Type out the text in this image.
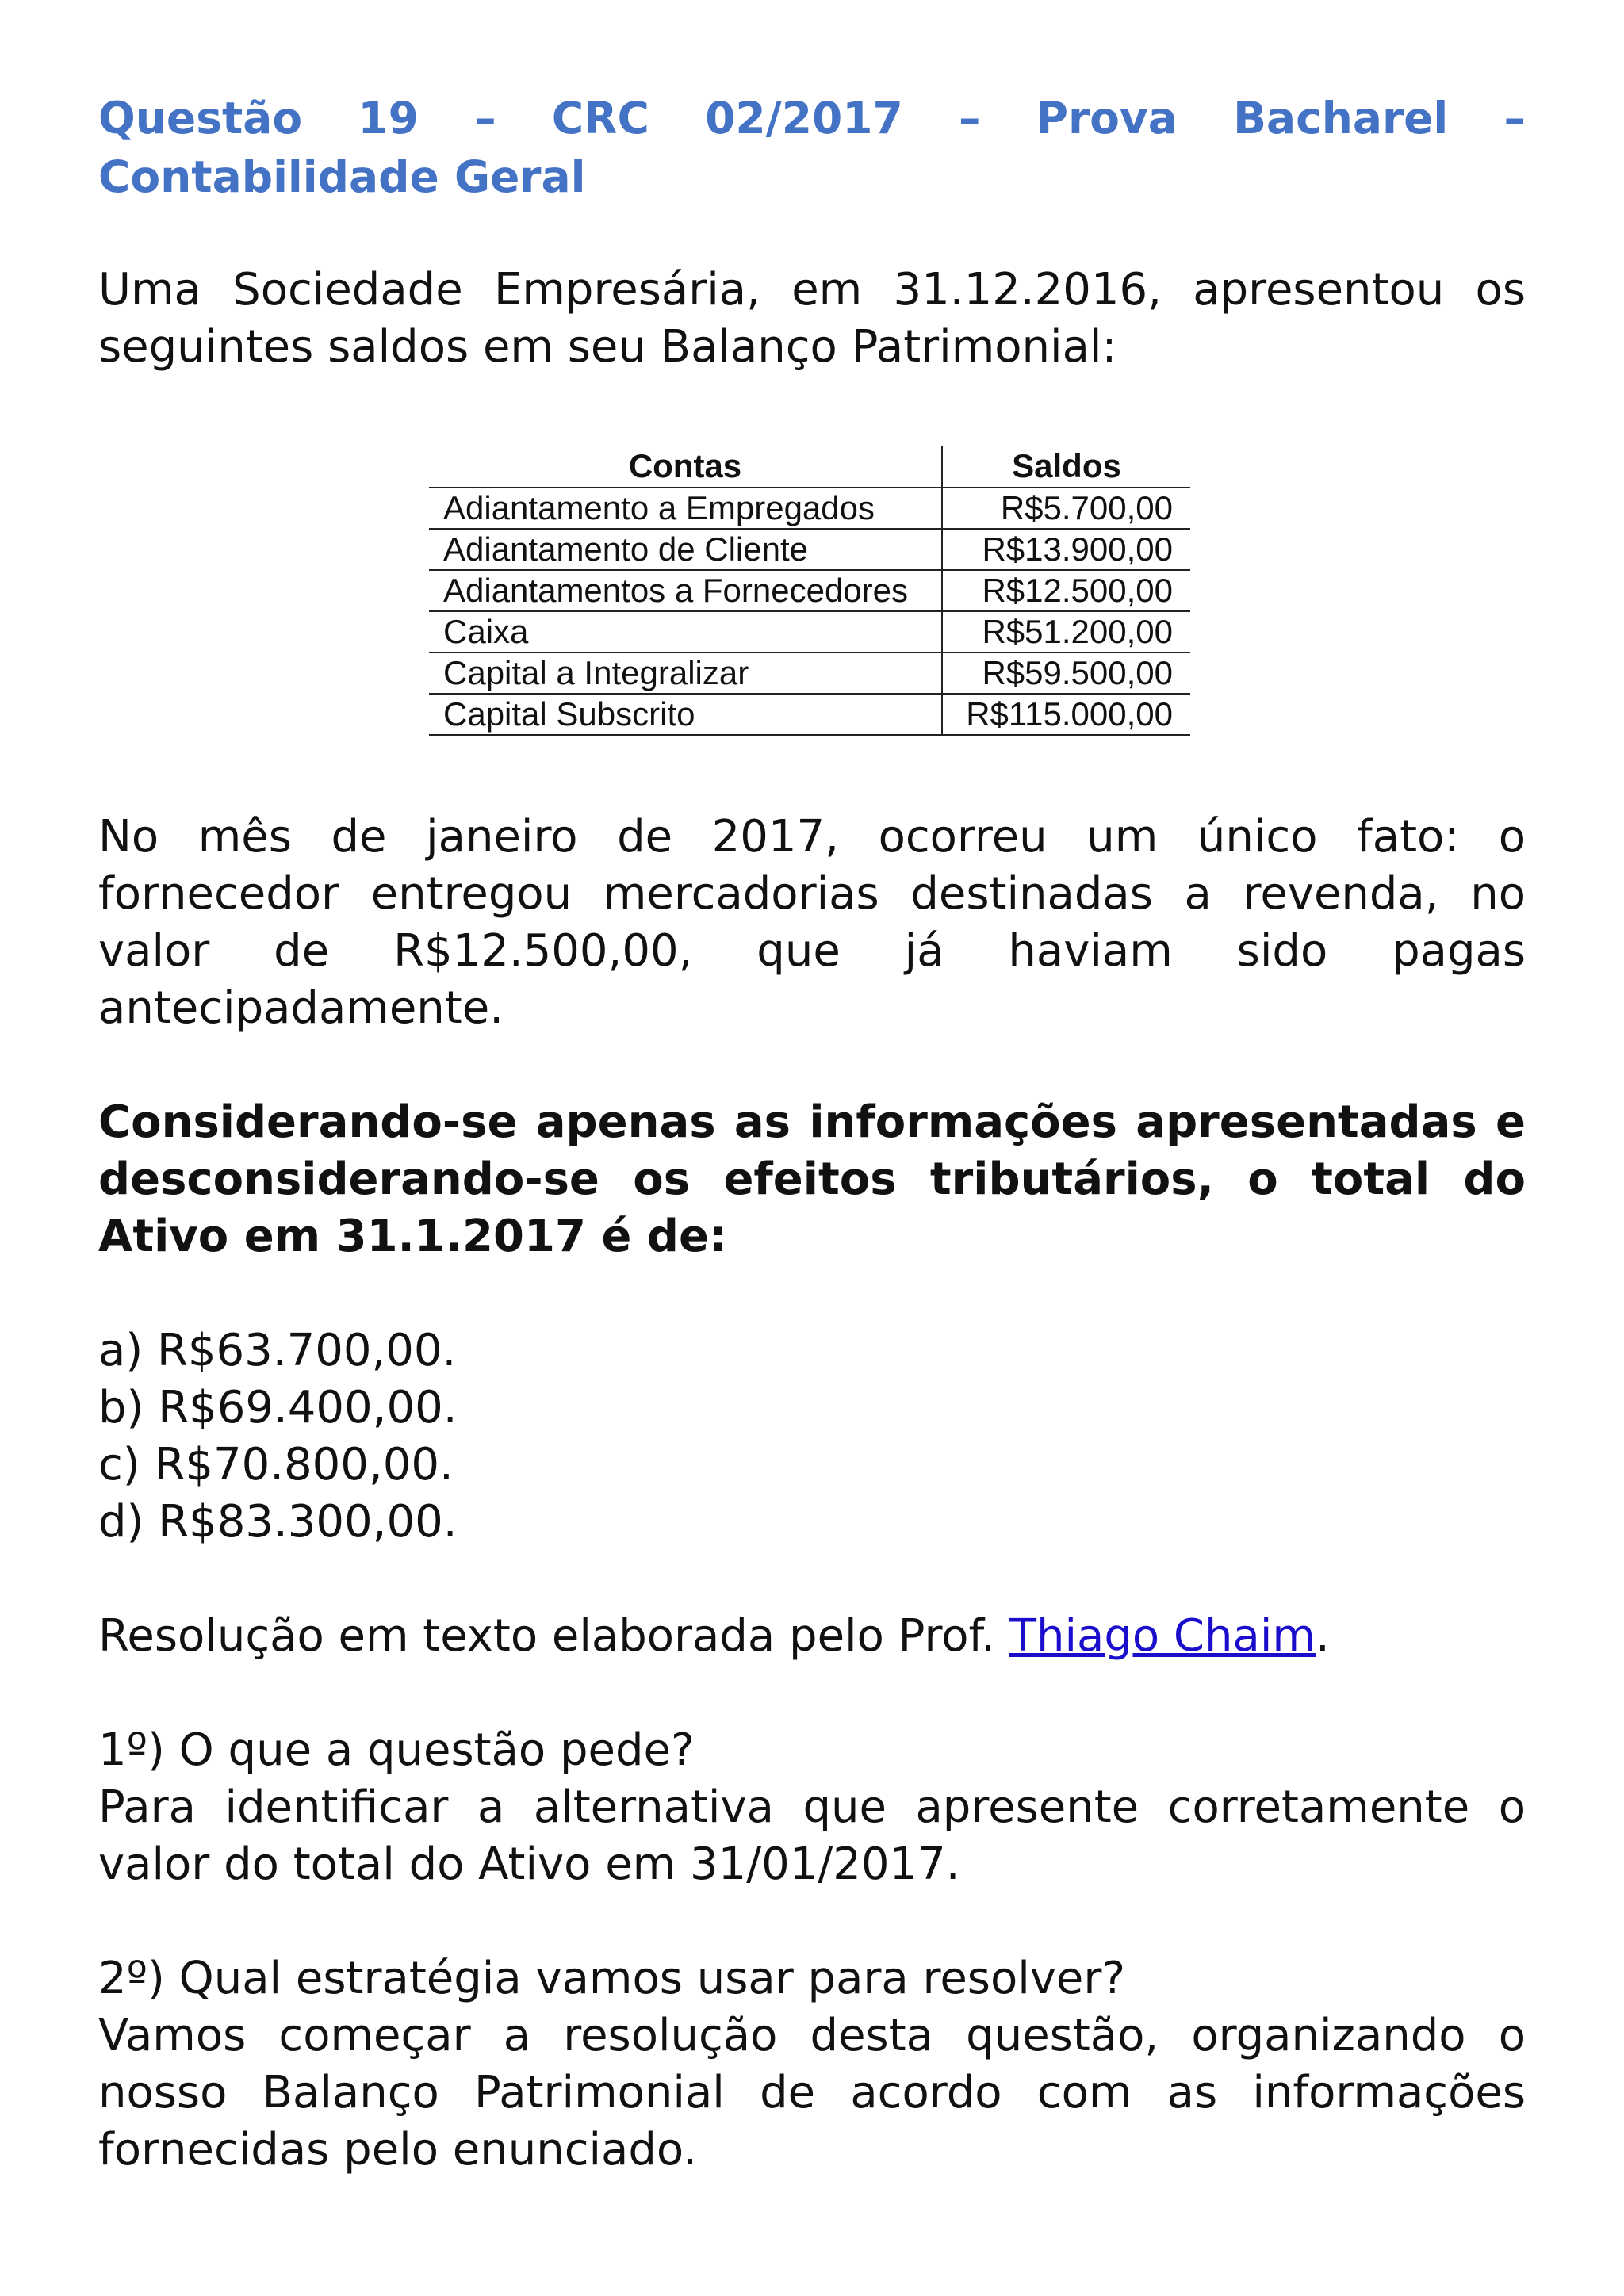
Questão 19 – CRC 02/2017 – Prova Bacharel – Contabilidade Geral

Uma Sociedade Empresária, em 31.12.2016, apresentou os seguintes saldos em seu Balanço Patrimonial:

Contas	Saldos
Adiantamento a Empregados	R$5.700,00
Adiantamento de Cliente	R$13.900,00
Adiantamentos a Fornecedores	R$12.500,00
Caixa	R$51.200,00
Capital a Integralizar	R$59.500,00
Capital Subscrito	R$115.000,00

No mês de janeiro de 2017, ocorreu um único fato: o fornecedor entregou mercadorias destinadas a revenda, no valor de R$12.500,00, que já haviam sido pagas antecipadamente.

Considerando-se apenas as informações apresentadas e desconsiderando-se os efeitos tributários, o total do Ativo em 31.1.2017 é de:

a) R$63.700,00.
b) R$69.400,00.
c) R$70.800,00.
d) R$83.300,00.

Resolução em texto elaborada pelo Prof. Thiago Chaim.

1º) O que a questão pede?

Para identificar a alternativa que apresente corretamente o valor do total do Ativo em 31/01/2017.

2º) Qual estratégia vamos usar para resolver?

Vamos começar a resolução desta questão, organizando o nosso Balanço Patrimonial de acordo com as informações fornecidas pelo enunciado.
